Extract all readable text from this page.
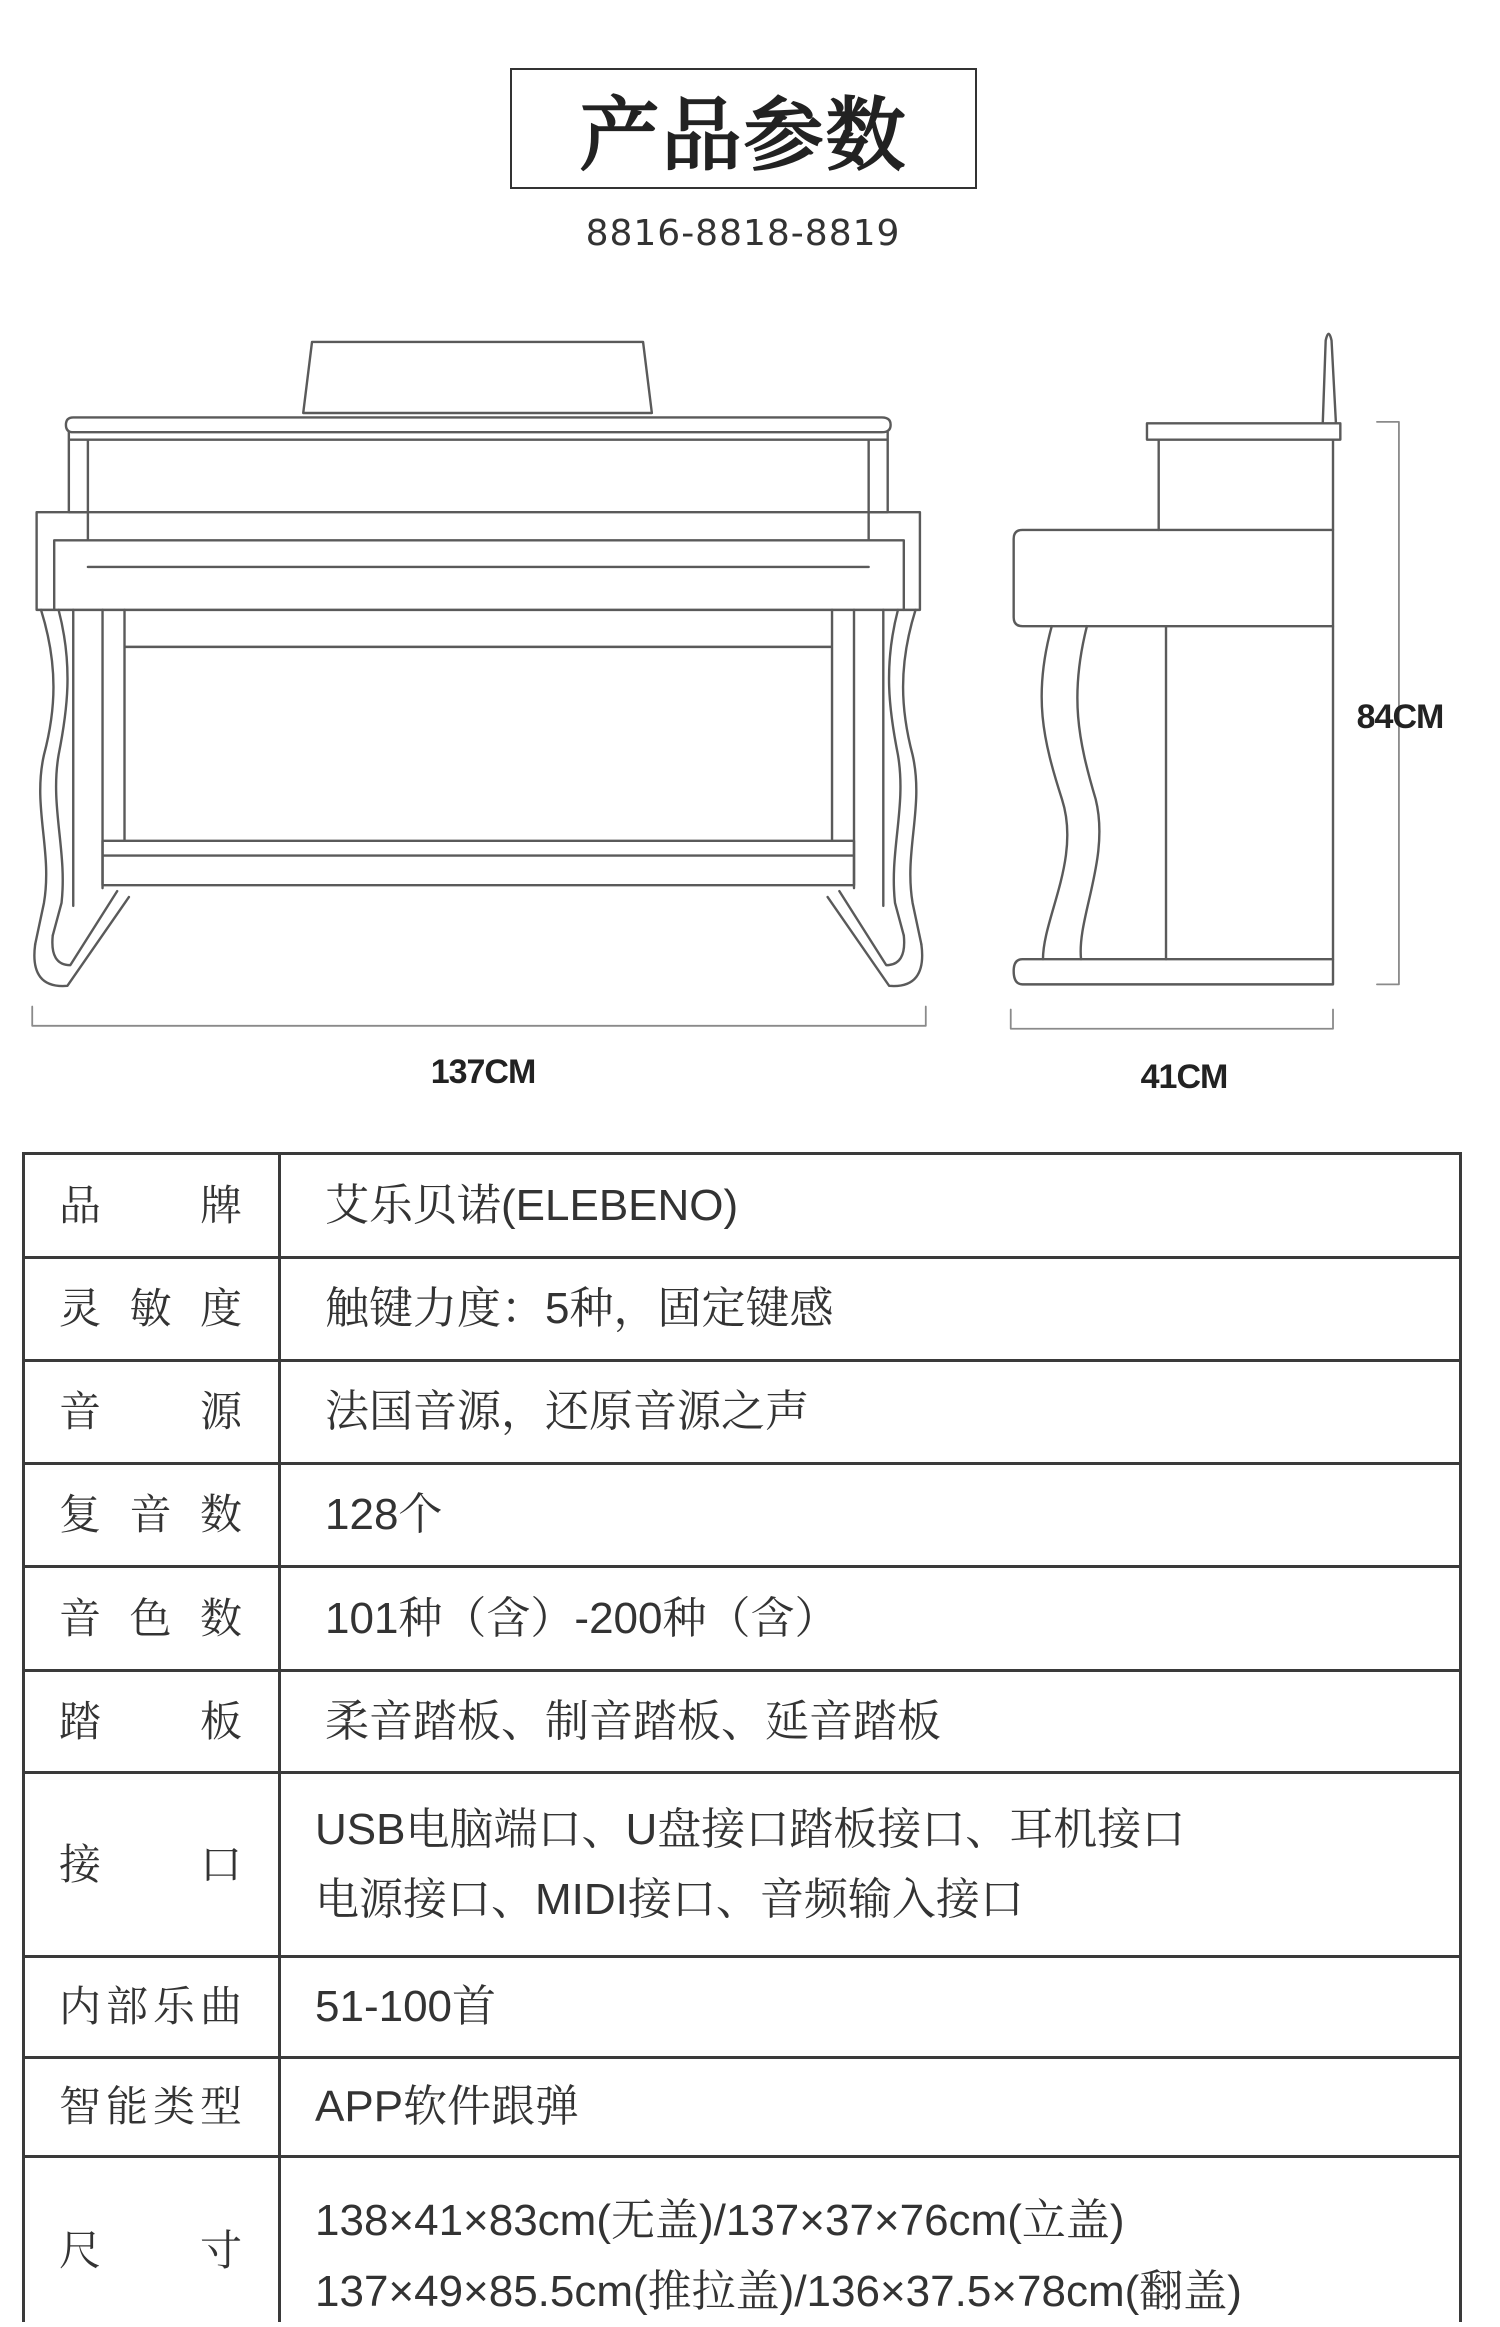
产品参数
8816-8818-8819
137CM	41CM
84CM
品 牌 艾乐贝诺(ELEBENO)
灵 敏 度 触键力度：5种，固定键感
音 源 法国音源，还原音源之声
复 音 数 128个
音 色 数 101种（含）-200种（含）
踏 板 柔音踏板、制音踏板、延音踏板
接 口
USB电脑端口、U盘接口踏板接口、耳机接口
电源接口、MIDI接口、音频输入接口
内 部 乐 曲 51-100首
智 能 类 型 APP软件跟弹
尺 寸
138×41×83cm(无盖)/137×37×76cm(立盖)
137×49×85.5cm(推拉盖)/136×37.5×78cm(翻盖)
